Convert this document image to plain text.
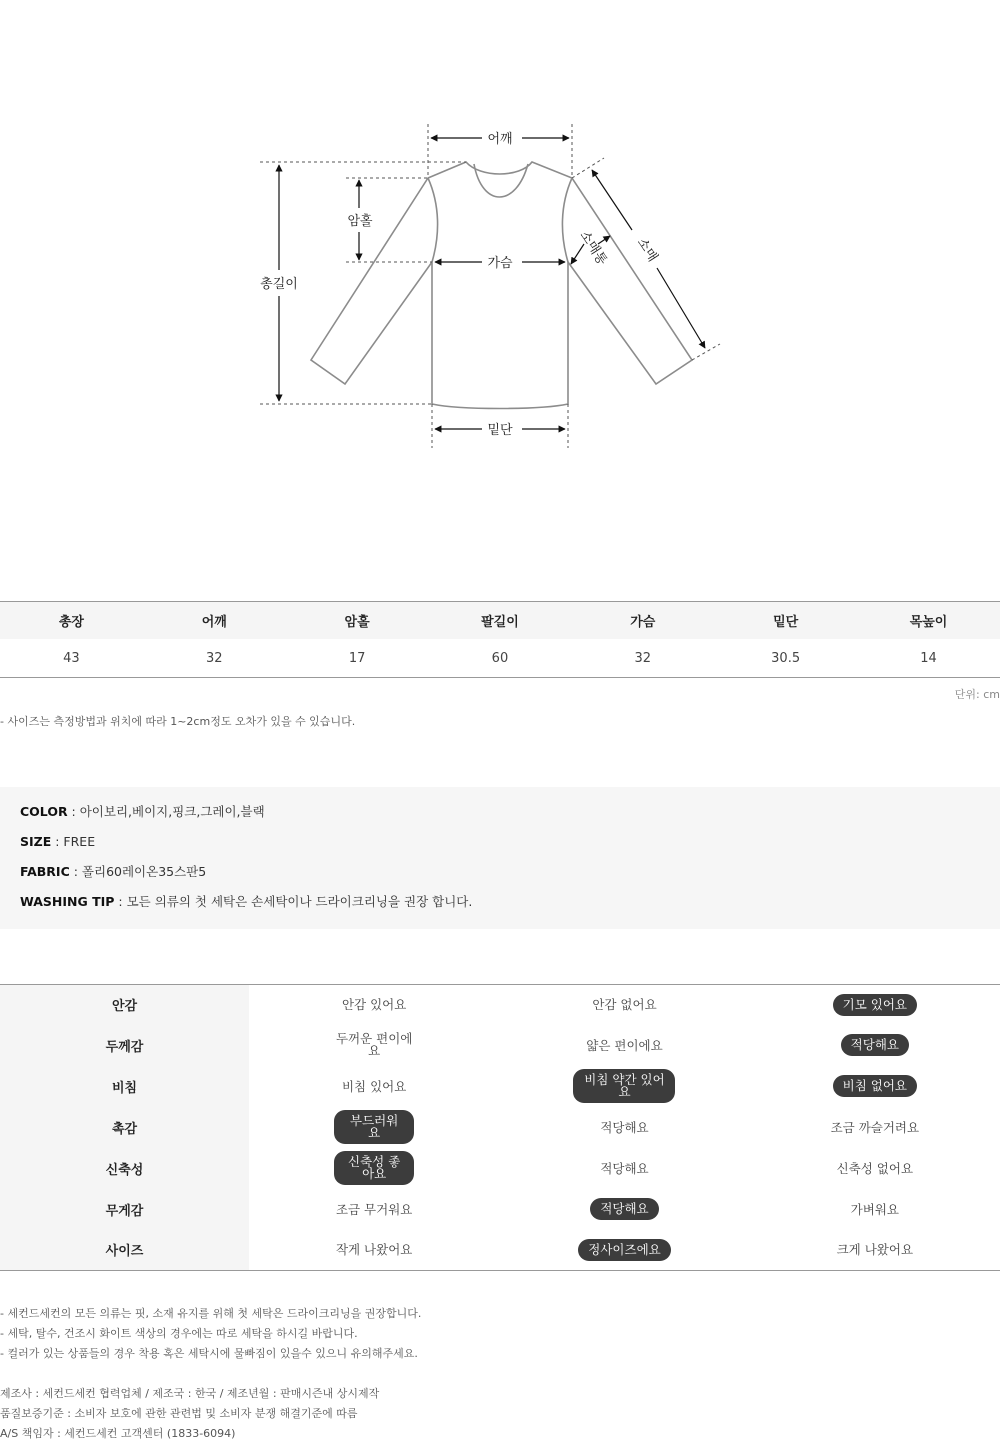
어깨
암홀
총길이
가슴
밑단
소매
소매통
총장	어깨	암홀	팔길이	가슴	밑단	목높이
43	32	17	60	32	30.5	14
단위: cm
- 사이즈는 측정방법과 위치에 따라 1~2cm정도 오차가 있을 수 있습니다.
COLOR : 아이보리,베이지,핑크,그레이,블랙
SIZE : FREE
FABRIC : 폴리60레이온35스판5
WASHING TIP : 모든 의류의 첫 세탁은 손세탁이나 드라이크리닝을 권장 합니다.
안감	안감 있어요	안감 없어요	기모 있어요
두께감	두꺼운 편이에요	얇은 편이에요	적당해요
비침	비침 있어요	비침 약간 있어요	비침 없어요
촉감	부드러워요	적당해요	조금 까슬거려요
신축성	신축성 좋아요	적당해요	신축성 없어요
무게감	조금 무거워요	적당해요	가벼워요
사이즈	작게 나왔어요	정사이즈에요	크게 나왔어요
- 세컨드세컨의 모든 의류는 핏, 소재 유지를 위해 첫 세탁은 드라이크리닝을 권장합니다.
- 세탁, 탈수, 건조시 화이트 색상의 경우에는 따로 세탁을 하시길 바랍니다.
- 컬러가 있는 상품들의 경우 착용 혹은 세탁시에 물빠짐이 있을수 있으니 유의해주세요.
제조사 : 세컨드세컨 협력업체 / 제조국 : 한국 / 제조년월 : 판매시즌내 상시제작
품질보증기준 : 소비자 보호에 관한 관련법 및 소비자 분쟁 해결기준에 따름
A/S 책임자 : 세컨드세컨 고객센터 (1833-6094)
